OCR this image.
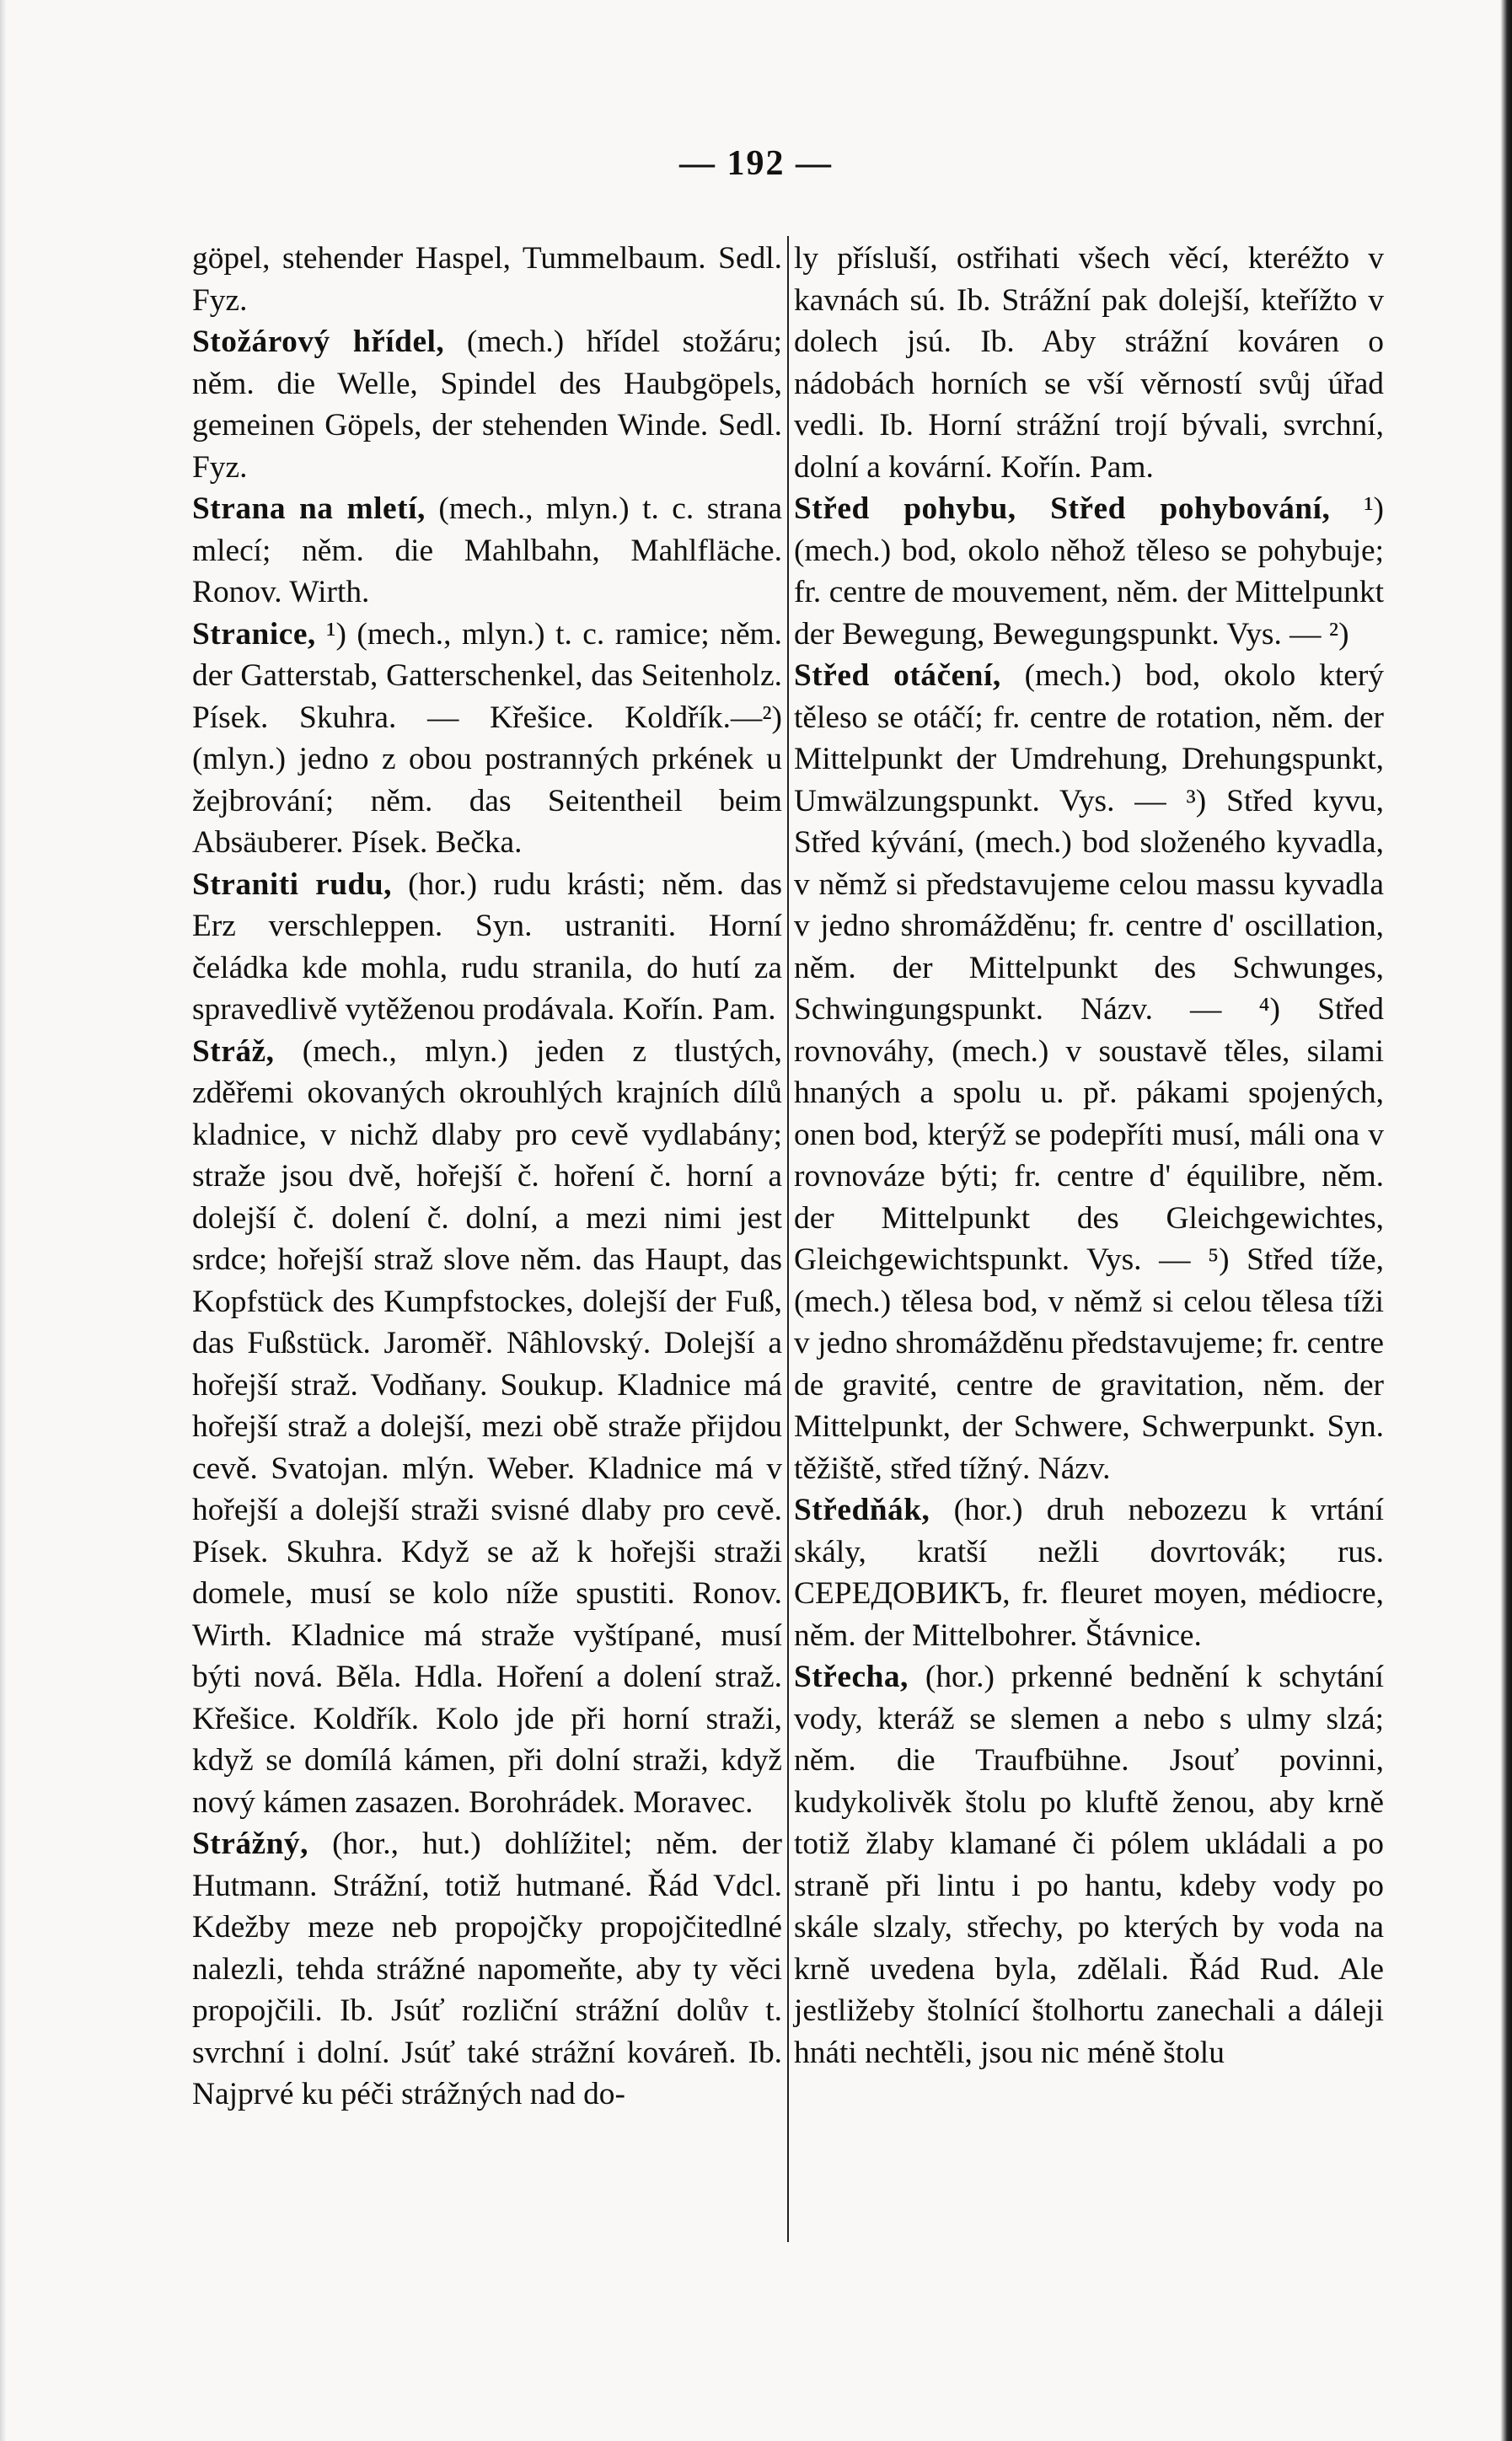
— 192 —

göpel, stehender Haspel, Tummelbaum. Sedl. Fyz.

Stožárový hřídel, (mech.) hřídel stožáru; něm. die Welle, Spindel des Haubgöpels, gemeinen Göpels, der stehenden Winde. Sedl. Fyz.

Strana na mletí, (mech., mlyn.) t. c. strana mlecí; něm. die Mahlbahn, Mahlfläche. Ronov. Wirth.

Stranice, ¹) (mech., mlyn.) t. c. ramice; něm. der Gatterstab, Gatterschenkel, das Seitenholz. Písek. Skuhra. — Křešice. Koldřík.—²)(mlyn.) jedno z obou postranných prkének u žejbrování; něm. das Seitentheil beim Absäuberer. Písek. Bečka.

Straniti rudu, (hor.) rudu krásti; něm. das Erz verschleppen. Syn. ustraniti. Horní čeládka kde mohla, rudu stranila, do hutí za spravedlivě vytěženou prodávala. Kořín. Pam.

Stráž, (mech., mlyn.) jeden z tlustých, zděřemi okovaných okrouhlých krajních dílů kladnice, v nichž dlaby pro cevě vydlabány; straže jsou dvě, hořejší č. hoření č. horní a dolejší č. dolení č. dolní, a mezi nimi jest srdce; hořejší straž slove něm. das Haupt, das Kopfstück des Kumpfstockes, dolejší der Fuß, das Fußstück. Jaroměř. Nâhlovský. Dolejší a hořejší straž. Vodňany. Soukup. Kladnice má hořejší straž a dolejší, mezi obě straže přijdou cevě. Svatojan. mlýn. Weber. Kladnice má v hořejší a dolejší straži svisné dlaby pro cevě. Písek. Skuhra. Když se až k hořejši straži domele, musí se kolo níže spustiti. Ronov. Wirth. Kladnice má straže vyštípané, musí býti nová. Běla. Hdla. Hoření a dolení straž. Křešice. Koldřík. Kolo jde při horní straži, když se domílá kámen, při dolní straži, když nový kámen zasazen. Borohrádek. Moravec.

Strážný, (hor., hut.) dohlížitel; něm. der Hutmann. Strážní, totiž hutmané. Řád Vdcl. Kdežby meze neb propojčky propojčitedlné nalezli, tehda strážné napomeňte, aby ty věci propojčili. Ib. Jsúť rozliční strážní dolův t. svrchní i dolní. Jsúť také strážní kováreň. Ib. Najprvé ku péči strážných nad do-

ly přísluší, ostřihati všech věcí, kteréžto v kavnách sú. Ib. Strážní pak dolejší, kteřížto v dolech jsú. Ib. Aby strážní kováren o nádobách horních se vší věrností svůj úřad vedli. Ib. Horní strážní trojí bývali, svrchní, dolní a kovární. Kořín. Pam.

Střed pohybu, Střed pohybování, ¹) (mech.) bod, okolo něhož těleso se pohybuje; fr. centre de mouvement, něm. der Mittelpunkt der Bewegung, Bewegungspunkt. Vys. — ²)

Střed otáčení, (mech.) bod, okolo který těleso se otáčí; fr. centre de rotation, něm. der Mittelpunkt der Umdrehung, Drehungspunkt, Umwälzungspunkt. Vys. — ³) Střed kyvu, Střed kývání, (mech.) bod složeného kyvadla, v němž si představujeme celou massu kyvadla v jedno shromážděnu; fr. centre d' oscillation, něm. der Mittelpunkt des Schwunges, Schwingungspunkt. Názv. — ⁴) Střed rovnováhy, (mech.) v soustavě těles, silami hnaných a spolu u. př. pákami spojených, onen bod, kterýž se podepříti musí, máli ona v rovnováze býti; fr. centre d' équilibre, něm. der Mittelpunkt des Gleichgewichtes, Gleichgewichtspunkt. Vys. — ⁵) Střed tíže, (mech.) tělesa bod, v němž si celou tělesa tíži v jedno shromážděnu představujeme; fr. centre de gravité, centre de gravitation, něm. der Mittelpunkt, der Schwere, Schwerpunkt. Syn. těžiště, střed tížný. Názv.

Středňák, (hor.) druh nebozezu k vrtání skály, kratší nežli dovrtovák; rus. СЕРЕДОВИКЪ, fr. fleuret moyen, médiocre, něm. der Mittelbohrer. Štávnice.

Střecha, (hor.) prkenné bednění k schytání vody, kteráž se slemen a nebo s ulmy slzá; něm. die Traufbühne. Jsouť povinni, kudykolivěk štolu po kluftě ženou, aby krně totiž žlaby klamané či pólem ukládali a po straně při lintu i po hantu, kdeby vody po skále slzaly, střechy, po kterých by voda na krně uvedena byla, zdělali. Řád Rud. Ale jestližeby štolnící štolhortu zanechali a dáleji hnáti nechtěli, jsou nic méně štolu
